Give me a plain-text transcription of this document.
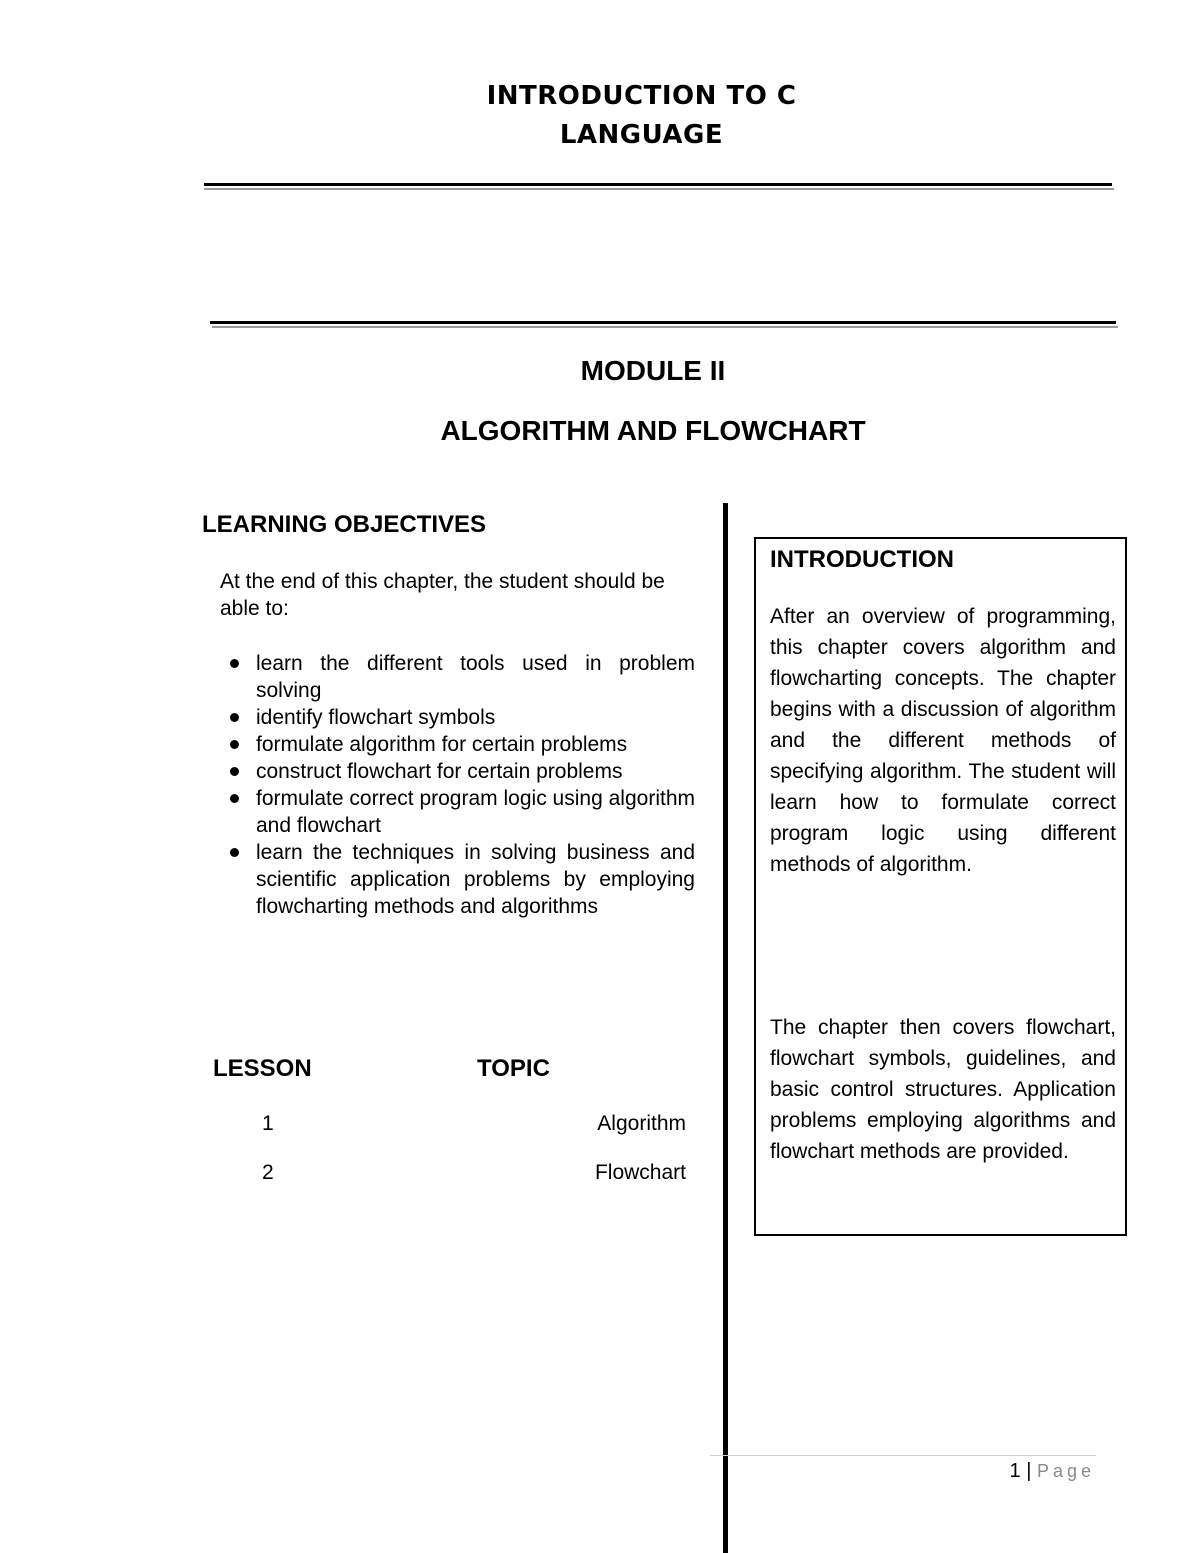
INTRODUCTION TO C
LANGUAGE
MODULE II
ALGORITHM AND FLOWCHART
LEARNING OBJECTIVES
At the end of this chapter, the student should be able to:
learn the different tools used in problem solving
identify flowchart symbols
formulate algorithm for certain problems
construct flowchart for certain problems
formulate correct program logic using algorithm and flowchart
learn the techniques in solving business and scientific application problems by employing flowcharting methods and algorithms
LESSON	TOPIC
1	Algorithm
2	Flowchart
INTRODUCTION
After an overview of programming, this chapter covers algorithm and flowcharting concepts. The chapter begins with a discussion of algorithm and the different methods of specifying algorithm. The student will learn how to formulate correct program logic using different methods of algorithm.
The chapter then covers flowchart, flowchart symbols, guidelines, and basic control structures. Application problems employing algorithms and flowchart methods are provided.
1 | Page
